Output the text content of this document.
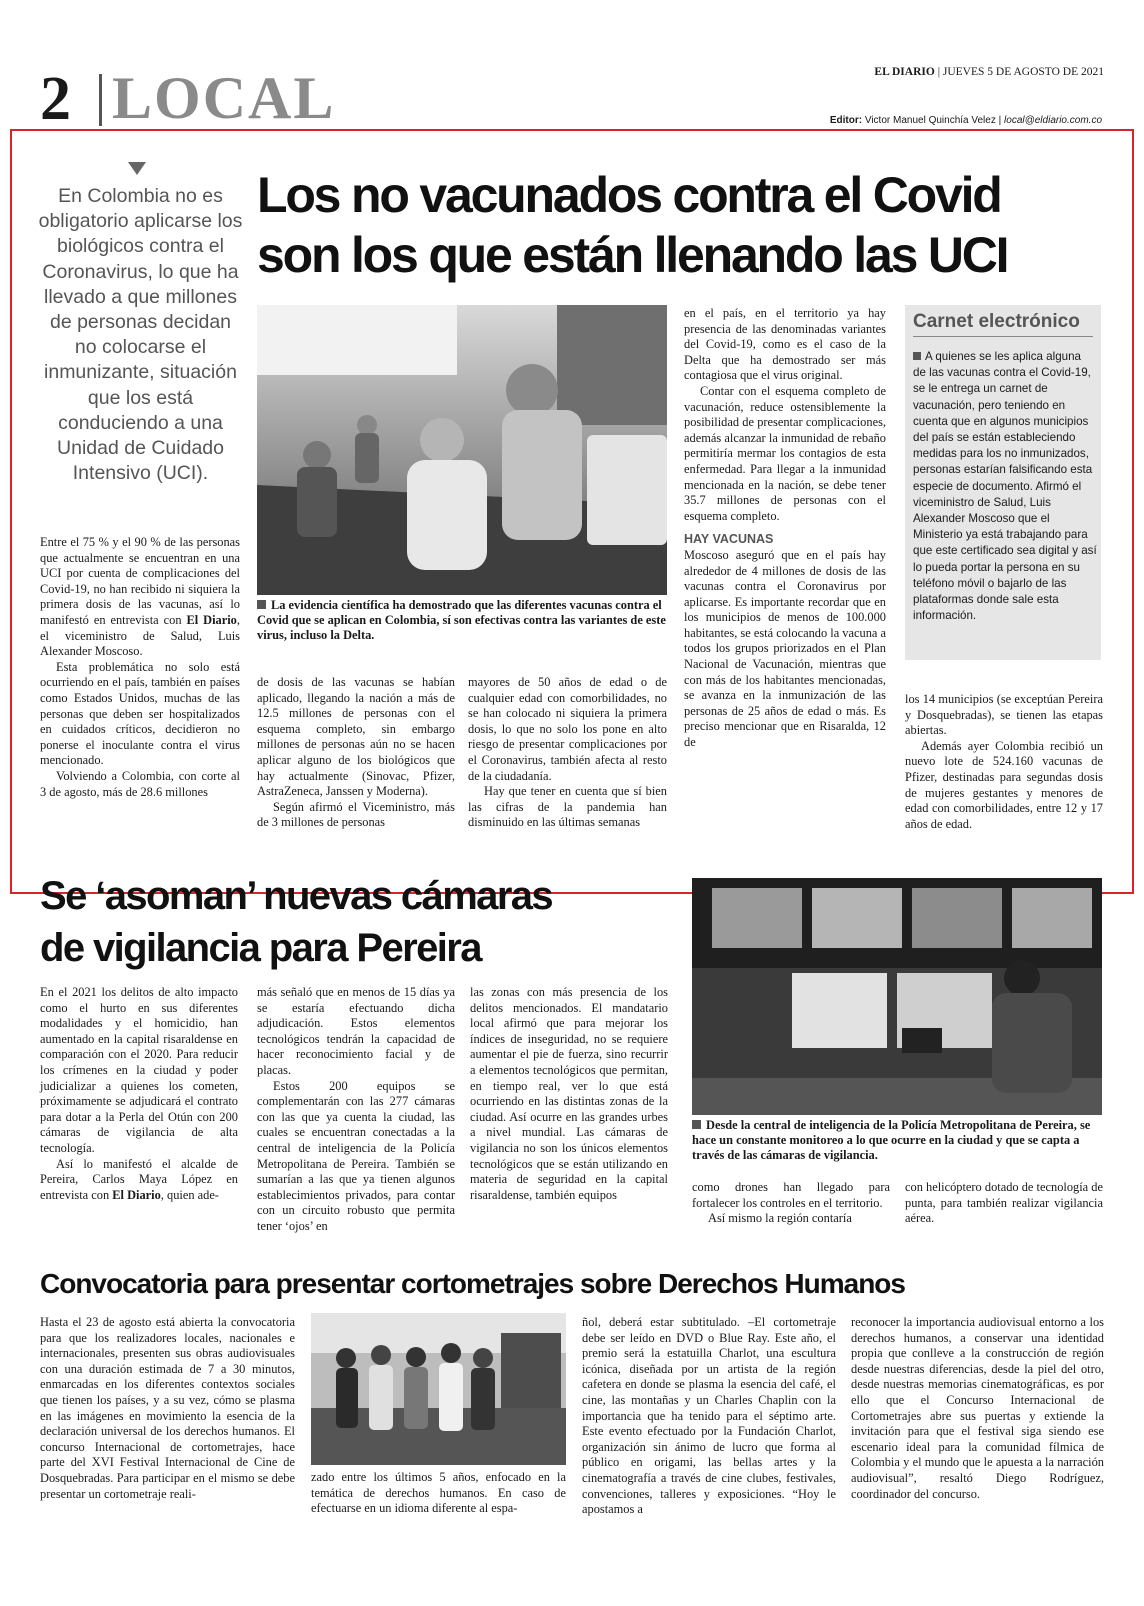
2 LOCAL	EL DIARIO | JUEVES 5 DE AGOSTO DE 2021
Editor: Victor Manuel Quinchía Velez | local@eldiario.com.co
En Colombia no es obligatorio aplicarse los biológicos contra el Coronavirus, lo que ha llevado a que millones de personas decidan no colocarse el inmunizante, situación que los está conduciendo a una Unidad de Cuidado Intensivo (UCI).
Los no vacunados contra el Covid
son los que están llenando las UCI
La evidencia científica ha demostrado que las diferentes vacunas contra el Covid que se aplican en Colombia, sí son efectivas contra las variantes de este virus, incluso la Delta.

Entre el 75 % y el 90 % de las personas que actualmente se encuentran en una UCI por cuenta de complicaciones del Covid-19, no han recibido ni siquiera la primera dosis de las vacunas, así lo manifestó en entrevista con El Diario, el viceministro de Salud, Luis Alexander Moscoso.

Esta problemática no solo está ocurriendo en el país, también en países como Estados Unidos, muchas de las personas que deben ser hospitalizados en cuidados críticos, decidieron no ponerse el inoculante contra el virus mencionado.

Volviendo a Colombia, con corte al 3 de agosto, más de 28.6 millones

de dosis de las vacunas se habían aplicado, llegando la nación a más de 12.5 millones de personas con el esquema completo, sin embargo millones de personas aún no se hacen aplicar alguno de los biológicos que hay actualmente (Sinovac, Pfizer, AstraZeneca, Janssen y Moderna).

Según afirmó el Viceministro, más de 3 millones de personas

mayores de 50 años de edad o de cualquier edad con comorbilidades, no se han colocado ni siquiera la primera dosis, lo que no solo los pone en alto riesgo de presentar complicaciones por el Coronavirus, también afecta al resto de la ciudadanía.

Hay que tener en cuenta que sí bien las cifras de la pandemia han disminuido en las últimas semanas

en el país, en el territorio ya hay presencia de las denominadas variantes del Covid-19, como es el caso de la Delta que ha demostrado ser más contagiosa que el virus original.

Contar con el esquema completo de vacunación, reduce ostensiblemente la posibilidad de presentar complicaciones, además alcanzar la inmunidad de rebaño permitiría mermar los contagios de esta enfermedad. Para llegar a la inmunidad mencionada en la nación, se debe tener 35.7 millones de personas con el esquema completo.

HAY VACUNAS

Moscoso aseguró que en el país hay alrededor de 4 millones de dosis de las vacunas contra el Coronavirus por aplicarse. Es importante recordar que en los municipios de menos de 100.000 habitantes, se está colocando la vacuna a todos los grupos priorizados en el Plan Nacional de Vacunación, mientras que con más de los habitantes mencionadas, se avanza en la inmunización de las personas de 25 años de edad o más. Es preciso mencionar que en Risaralda, 12 de

Carnet electrónico
A quienes se les aplica alguna de las vacunas contra el Covid-19, se le entrega un carnet de vacunación, pero teniendo en cuenta que en algunos municipios del país se están estableciendo medidas para los no inmunizados, personas estarían falsificando esta especie de documento. Afirmó el viceministro de Salud, Luis Alexander Moscoso que el Ministerio ya está trabajando para que este certificado sea digital y así lo pueda portar la persona en su teléfono móvil o bajarlo de las plataformas donde sale esta información.

los 14 municipios (se exceptúan Pereira y Dosquebradas), se tienen las etapas abiertas.

Además ayer Colombia recibió un nuevo lote de 524.160 vacunas de Pfizer, destinadas para segundas dosis de mujeres gestantes y menores de edad con comorbilidades, entre 12 y 17 años de edad.

Se ‘asoman’ nuevas cámaras
de vigilancia para Pereira
Desde la central de inteligencia de la Policía Metropolitana de Pereira, se hace un constante monitoreo a lo que ocurre en la ciudad y que se capta a través de las cámaras de vigilancia.

En el 2021 los delitos de alto impacto como el hurto en sus diferentes modalidades y el homicidio, han aumentado en la capital risaraldense en comparación con el 2020. Para reducir los crímenes en la ciudad y poder judicializar a quienes los cometen, próximamente se adjudicará el contrato para dotar a la Perla del Otún con 200 cámaras de vigilancia de alta tecnología.

Así lo manifestó el alcalde de Pereira, Carlos Maya López en entrevista con El Diario, quien ade-

más señaló que en menos de 15 días ya se estaría efectuando dicha adjudicación. Estos elementos tecnológicos tendrán la capacidad de hacer reconocimiento facial y de placas.

Estos 200 equipos se complementarán con las 277 cámaras con las que ya cuenta la ciudad, las cuales se encuentran conectadas a la central de inteligencia de la Policía Metropolitana de Pereira. También se sumarían a las que ya tienen algunos establecimientos privados, para contar con un circuito robusto que permita tener ‘ojos’ en

las zonas con más presencia de los delitos mencionados. El mandatario local afirmó que para mejorar los índices de inseguridad, no se requiere aumentar el pie de fuerza, sino recurrir a elementos tecnológicos que permitan, en tiempo real, ver lo que está ocurriendo en las distintas zonas de la ciudad. Así ocurre en las grandes urbes a nivel mundial. Las cámaras de vigilancia no son los únicos elementos tecnológicos que se están utilizando en materia de seguridad en la capital risaraldense, también equipos

como drones han llegado para fortalecer los controles en el territorio.

Así mismo la región contaría

con helicóptero dotado de tecnología de punta, para también realizar vigilancia aérea.

Convocatoria para presentar cortometrajes sobre Derechos Humanos

Hasta el 23 de agosto está abierta la convocatoria para que los realizadores locales, nacionales e internacionales, presenten sus obras audiovisuales con una duración estimada de 7 a 30 minutos, enmarcadas en los diferentes contextos sociales que tienen los países, y a su vez, cómo se plasma en las imágenes en movimiento la esencia de la declaración universal de los derechos humanos. El concurso Internacional de cortometrajes, hace parte del XVI Festival Internacional de Cine de Dosquebradas. Para participar en el mismo se debe presentar un cortometraje reali-

zado entre los últimos 5 años, enfocado en la temática de derechos humanos. En caso de efectuarse en un idioma diferente al espa-

ñol, deberá estar subtitulado. –El cortometraje debe ser leído en DVD o Blue Ray. Este año, el premio será la estatuilla Charlot, una escultura icónica, diseñada por un artista de la región cafetera en donde se plasma la esencia del café, el cine, las montañas y un Charles Chaplin con la importancia que ha tenido para el séptimo arte. Este evento efectuado por la Fundación Charlot, organización sin ánimo de lucro que forma al público en origami, las bellas artes y la cinematografía a través de cine clubes, festivales, convenciones, talleres y exposiciones. “Hoy le apostamos a

reconocer la importancia audiovisual entorno a los derechos humanos, a conservar una identidad propia que conlleve a la construcción de región desde nuestras diferencias, desde la piel del otro, desde nuestras memorias cinematográficas, es por ello que el Concurso Internacional de Cortometrajes abre sus puertas y extiende la invitación para que el festival siga siendo ese escenario ideal para la comunidad fílmica de Colombia y el mundo que le apuesta a la narración audiovisual”, resaltó Diego Rodríguez, coordinador del concurso.
